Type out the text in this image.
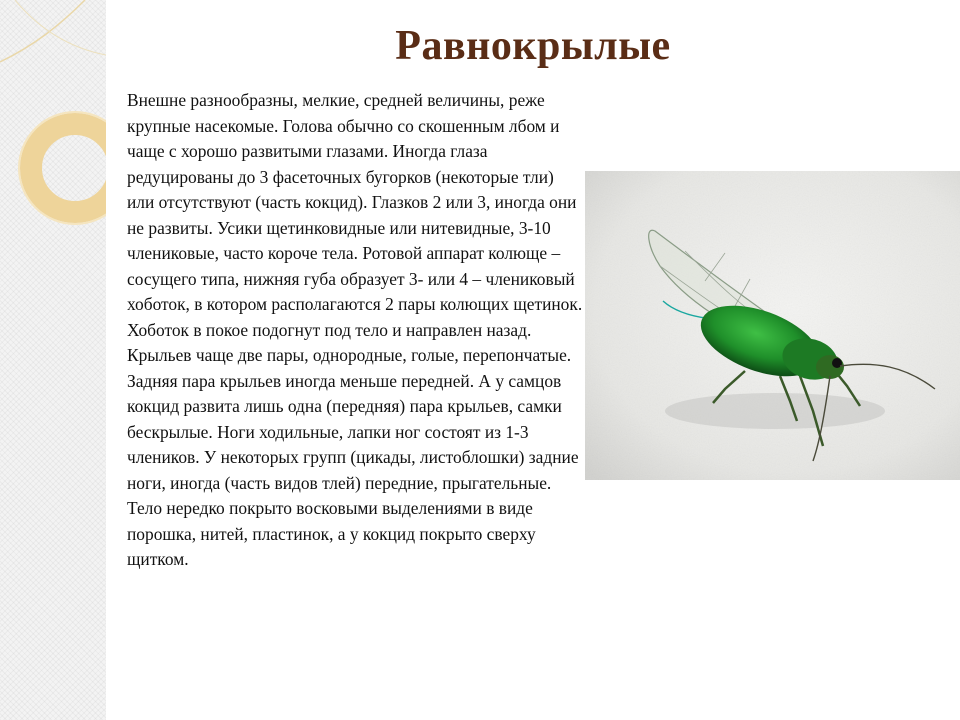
Равнокрылые

Внешне разнообразны, мелкие, средней величины, реже крупные насекомые. Голова обычно со скошенным лбом и чаще с хорошо развитыми глазами. Иногда глаза редуцированы до 3 фасеточных бугорков (некоторые тли) или отсутствуют (часть кокцид). Глазков 2 или 3, иногда они не развиты. Усики щетинковидные или нитевидные, 3-10 члениковые, часто короче тела. Ротовой аппарат колюще – сосущего типа, нижняя губа образует 3- или 4 – члениковый хоботок, в котором располагаются 2 пары колющих щетинок. Хоботок в покое подогнут под тело и направлен назад.

Крыльев чаще две пары, однородные, голые, перепончатые. Задняя пара крыльев иногда меньше передней. А у самцов кокцид развита лишь одна (передняя) пара крыльев, самки бескрылые. Ноги ходильные, лапки ног состоят из 1-3 члеников. У некоторых групп (цикады, листоблошки) задние ноги, иногда (часть видов тлей) передние, прыгательные. Тело нередко покрыто восковыми выделениями в виде порошка, нитей, пластинок, а у кокцид покрыто сверху щитком.
